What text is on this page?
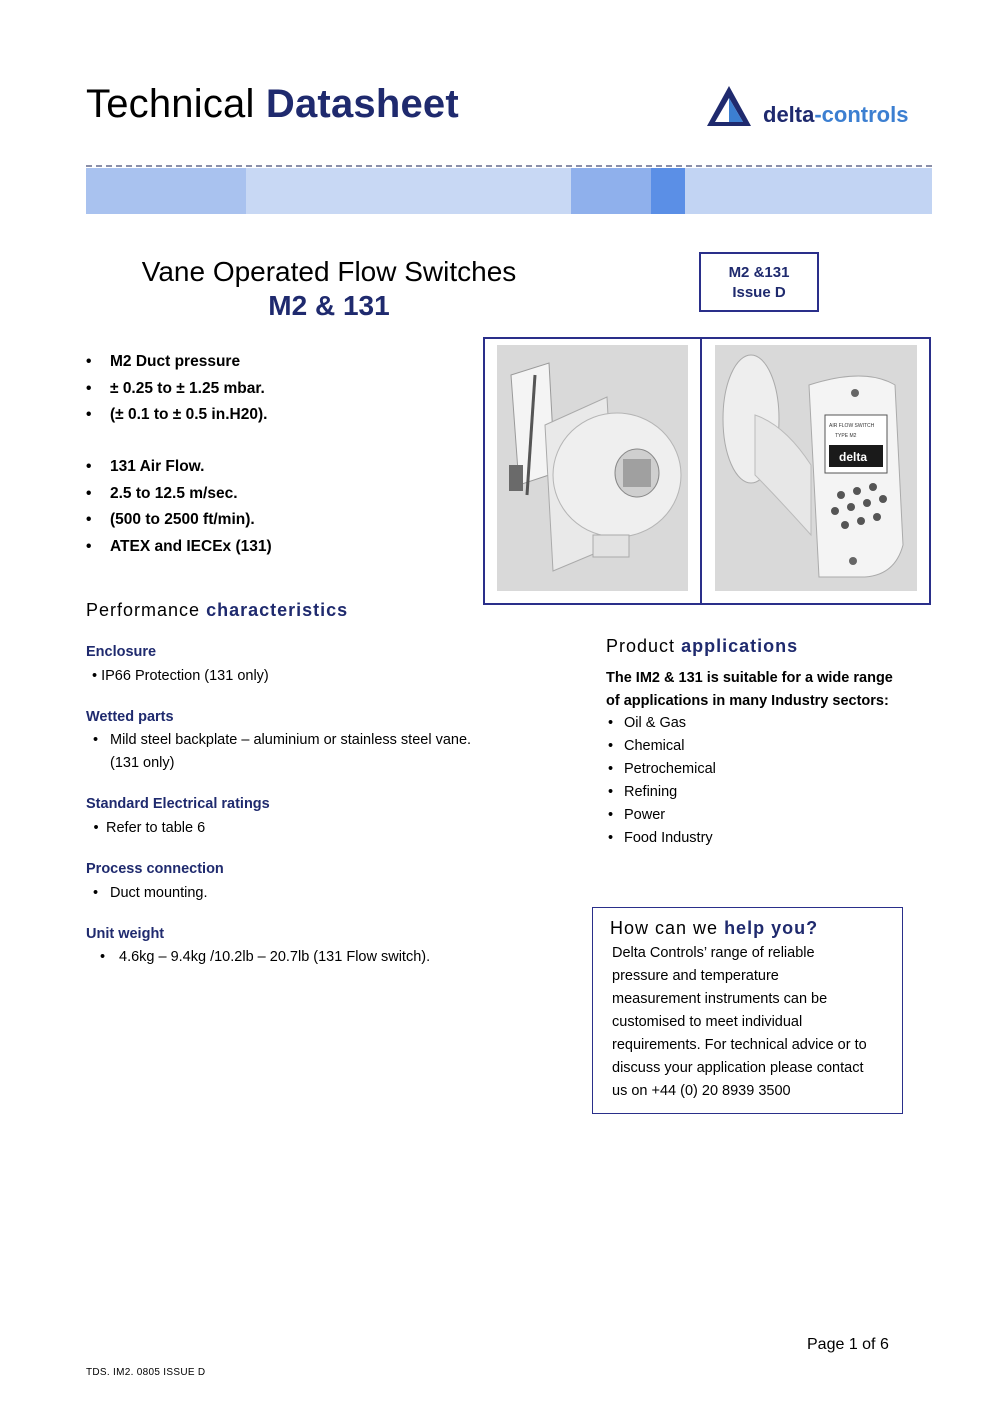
Technical Datasheet	delta-controls
Vane Operated Flow Switches
M2 & 131
M2 &131
Issue D
• M2 Duct pressure
• ± 0.25 to ± 1.25 mbar.
• (± 0.1 to ± 0.5 in.H20).
• 131 Air Flow.
• 2.5 to 12.5 m/sec.
• (500 to 2500 ft/min).
• ATEX and IECEx (131)
delta
AIR FLOW SWITCH
TYPE M2
Performance characteristics
Enclosure
• IP66 Protection (131 only)
Wetted parts
• Mild steel backplate – aluminium or stainless steel vane.
(131 only)
Standard Electrical ratings
• Refer to table 6
Process connection
• Duct mounting.
Unit weight
• 4.6kg – 9.4kg /10.2lb – 20.7lb (131 Flow switch).
Product applications
The IM2 & 131 is suitable for a wide range
of applications in many Industry sectors:
• Oil & Gas
• Chemical
• Petrochemical
• Refining
• Power
• Food Industry
How can we help you?
Delta Controls’ range of reliable
pressure and temperature
measurement instruments can be
customised to meet individual
requirements. For technical advice or to
discuss your application please contact
us on +44 (0) 20 8939 3500
Page 1 of 6
TDS. IM2. 0805 ISSUE D
